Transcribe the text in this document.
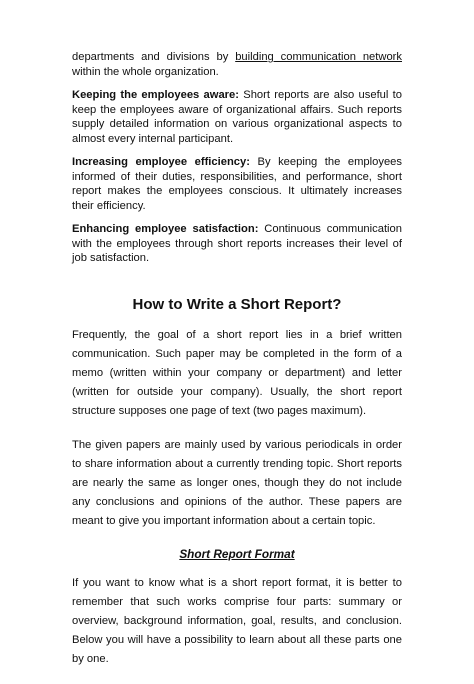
departments and divisions by building communication network within the whole organization.

Keeping the employees aware: Short reports are also useful to keep the employees aware of organizational affairs. Such reports supply detailed information on various organizational aspects to almost every internal participant.

Increasing employee efficiency: By keeping the employees informed of their duties, responsibilities, and performance, short report makes the employees conscious. It ultimately increases their efficiency.

Enhancing employee satisfaction: Continuous communication with the employees through short reports increases their level of job satisfaction.

How to Write a Short Report?

Frequently, the goal of a short report lies in a brief written communication. Such paper may be completed in the form of a memo (written within your company or department) and letter (written for outside your company). Usually, the short report structure supposes one page of text (two pages maximum).

The given papers are mainly used by various periodicals in order to share information about a currently trending topic. Short reports are nearly the same as longer ones, though they do not include any conclusions and opinions of the author. These papers are meant to give you important information about a certain topic.

Short Report Format

If you want to know what is a short report format, it is better to remember that such works comprise four parts: summary or overview, background information, goal, results, and conclusion. Below you will have a possibility to learn about all these parts one by one.
